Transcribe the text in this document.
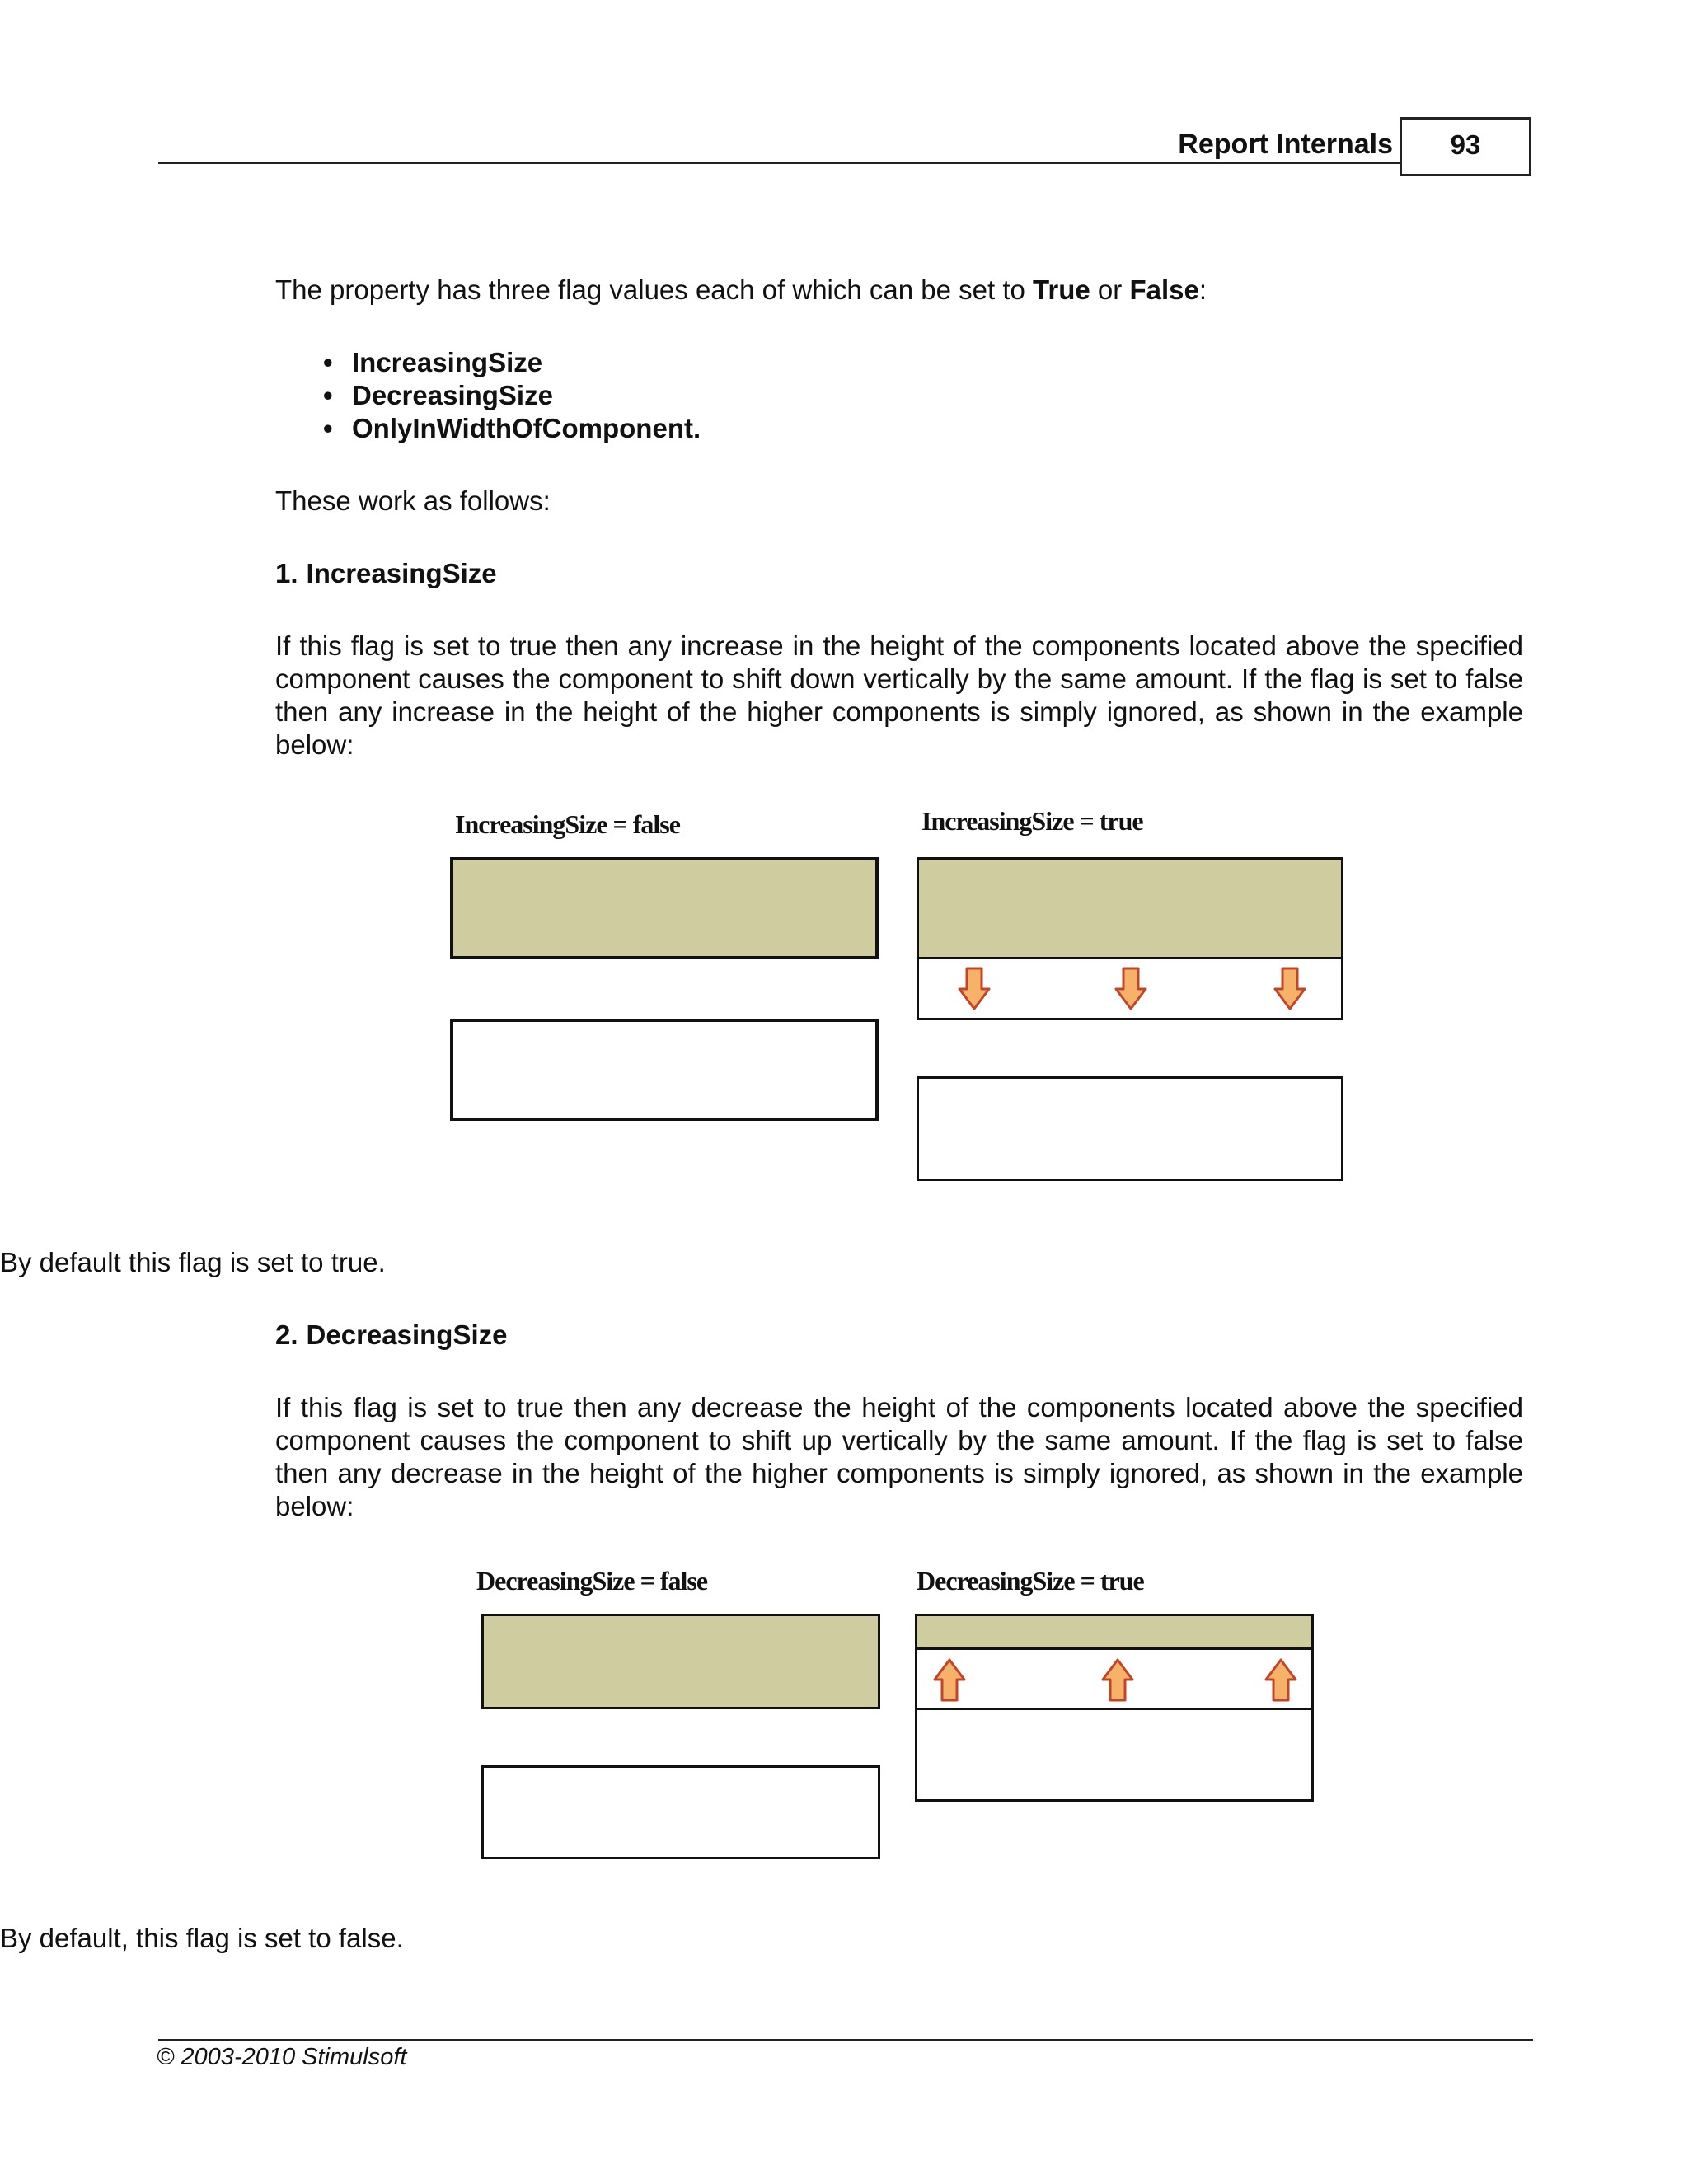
Report Internals	93
The property has three flag values each of which can be set to True or False:
• IncreasingSize
• DecreasingSize
• OnlyInWidthOfComponent.
These work as follows:
1. IncreasingSize
If this flag is set to true then any increase in the height of the components located above the specified component causes the component to shift down vertically by the same amount. If the flag is set to false then any increase in the height of the higher components is simply ignored, as shown in the example below:
IncreasingSize = false	IncreasingSize = true
By default this flag is set to true.
2. DecreasingSize
If this flag is set to true then any decrease the height of the components located above the specified component causes the component to shift up vertically by the same amount. If the flag is set to false then any decrease in the height of the higher components is simply ignored, as shown in the example below:
DecreasingSize = false	DecreasingSize = true
By default, this flag is set to false.
© 2003-2010 Stimulsoft
